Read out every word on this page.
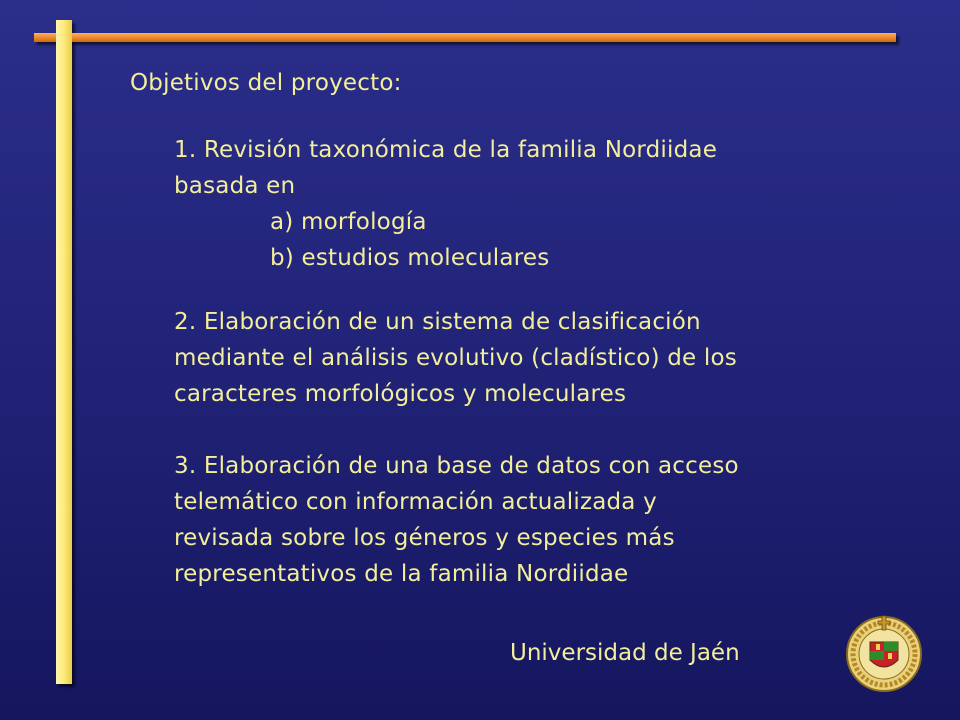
Objetivos del proyecto:

1. Revisión taxonómica de la familia Nordiidae

basada en

a) morfología

b) estudios moleculares

2. Elaboración de un sistema de clasificación

mediante el análisis evolutivo (cladístico) de los

caracteres morfológicos y moleculares

3. Elaboración de una base de datos con acceso

telemático con información actualizada y

revisada sobre los géneros y especies más

representativos de la familia Nordiidae

Universidad de Jaén
